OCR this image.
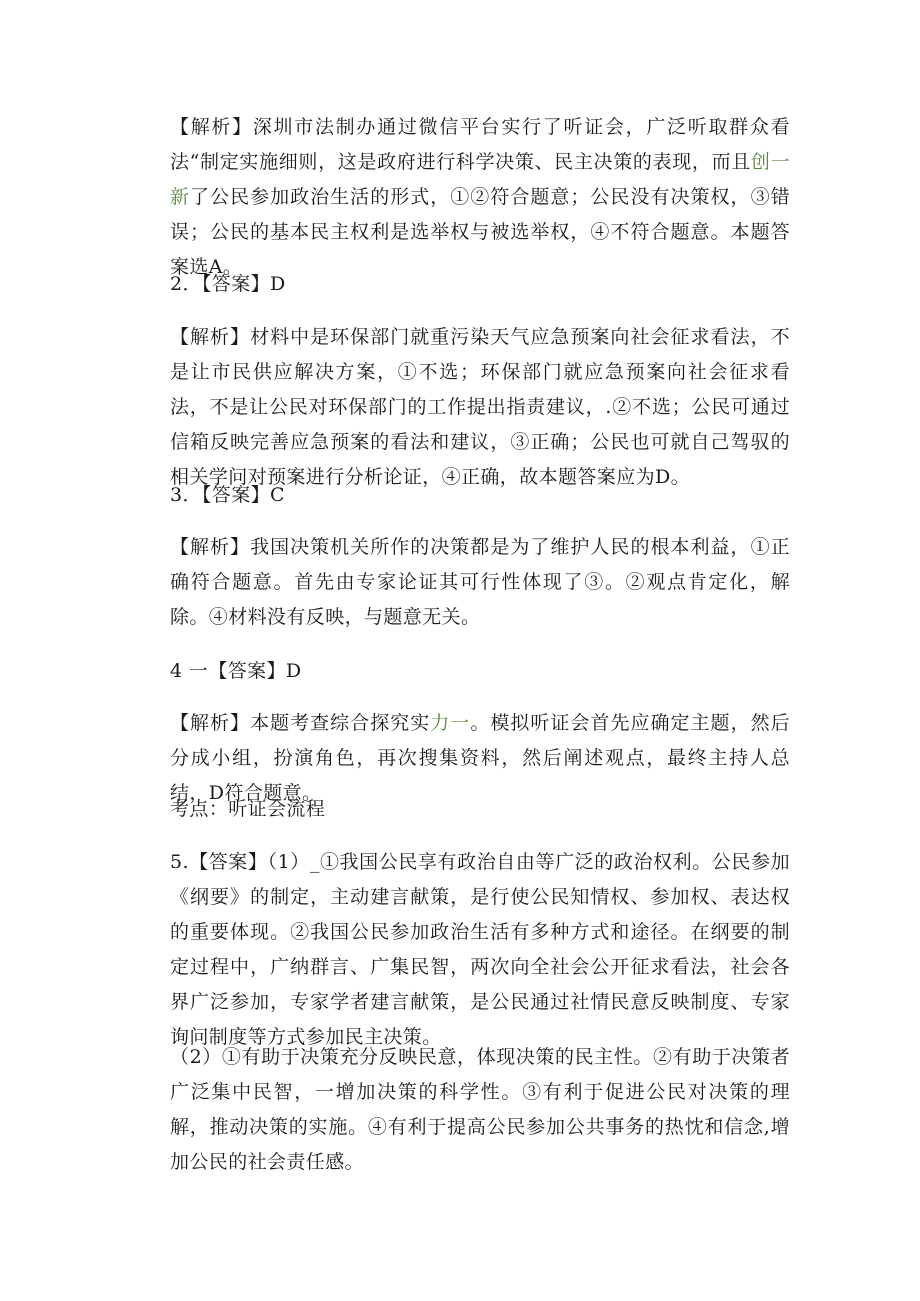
【解析】深圳市法制办通过微信平台实行了听证会，广泛听取群众看法“制定实施细则，这是政府进行科学决策、民主决策的表现，而且创一新了公民参加政治生活的形式，①②符合题意；公民没有决策权，③错误；公民的基本民主权利是选举权与被选举权，④不符合题意。本题答案选A。

2．【答案】D

【解析】材料中是环保部门就重污染天气应急预案向社会征求看法，不是让市民供应解决方案，①不选；环保部门就应急预案向社会征求看法，不是让公民对环保部门的工作提出指责建议，.②不选；公民可通过信箱反映完善应急预案的看法和建议，③正确；公民也可就自己驾驭的相关学问对预案进行分析论证，④正确，故本题答案应为D。

3．【答案】C

【解析】我国决策机关所作的决策都是为了维护人民的根本利益，①正确符合题意。首先由专家论证其可行性体现了③。②观点肯定化，解除。④材料没有反映，与题意无关。

4 一【答案】D

【解析】本题考查综合探究实力一。模拟听证会首先应确定主题，然后分成小组，扮演角色，再次搜集资料，然后阐述观点，最终主持人总结，D符合题意。

考点：听证会流程

5.【答案】（1）_①我国公民享有政治自由等广泛的政治权利。公民参加《纲要》的制定，主动建言献策，是行使公民知情权、参加权、表达权的重要体现。②我国公民参加政治生活有多种方式和途径。在纲要的制定过程中，广纳群言、广集民智，两次向全社会公开征求看法，社会各界广泛参加，专家学者建言献策，是公民通过社情民意反映制度、专家询问制度等方式参加民主决策。

（2）①有助于决策充分反映民意，体现决策的民主性。②有助于决策者广泛集中民智，一增加决策的科学性。③有利于促进公民对决策的理解，推动决策的实施。④有利于提高公民参加公共事务的热忱和信念,增加公民的社会责任感。
